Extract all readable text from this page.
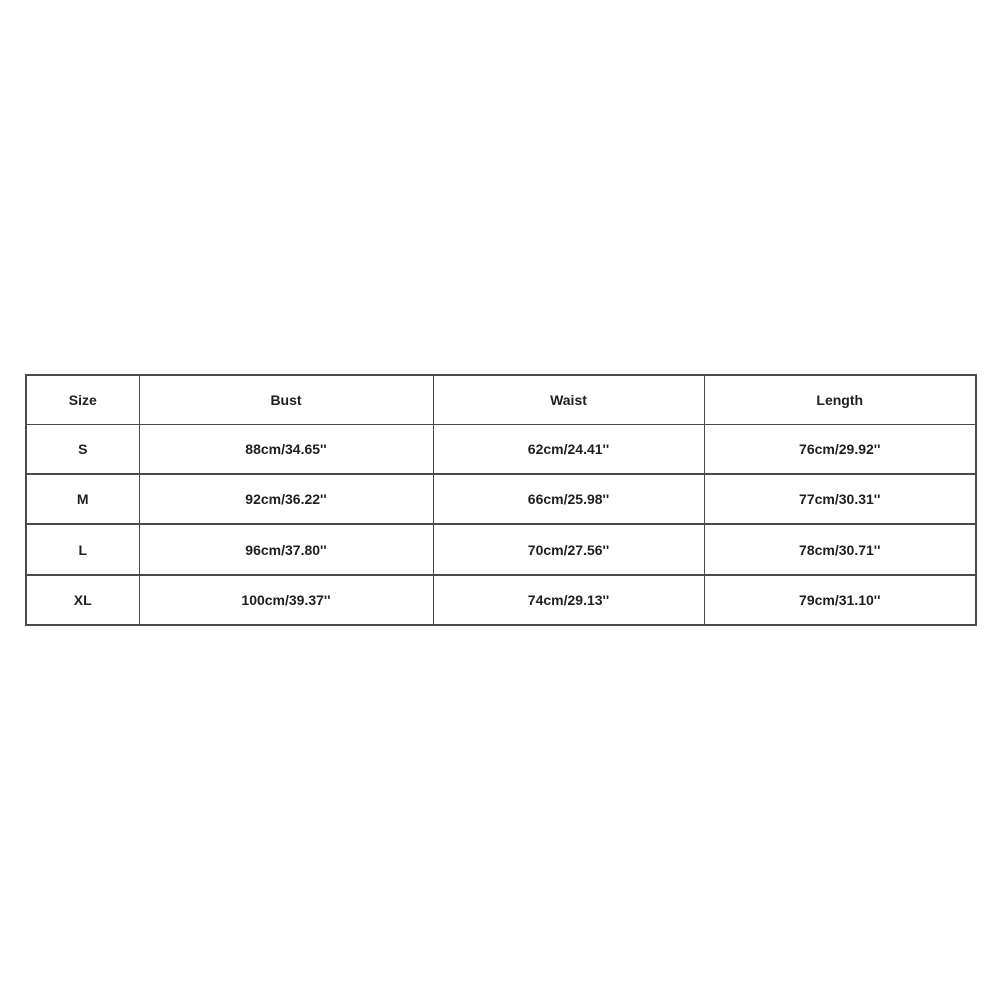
Size	Bust	Waist	Length
S	88cm/34.65''	62cm/24.41''	76cm/29.92''
M	92cm/36.22''	66cm/25.98''	77cm/30.31''
L	96cm/37.80''	70cm/27.56''	78cm/30.71''
XL	100cm/39.37''	74cm/29.13''	79cm/31.10''
